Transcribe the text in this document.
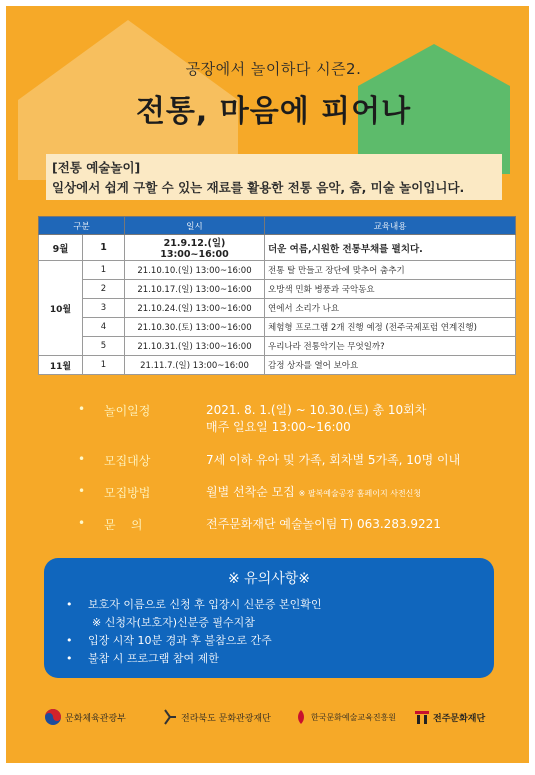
공장에서 놀이하다 시즌2.
전통, 마음에 피어나
[전통 예술놀이]
일상에서 쉽게 구할 수 있는 재료를 활용한 전통 음악, 춤, 미술 놀이입니다.
구분		일시	교육내용
9월	1	21.9.12.(일) 13:00~16:00	더운 여름,시원한 전통부채를 펼치다.
10월	1	21.10.10.(일) 13:00~16:00	전통 탈 만들고 장단에 맞추어 춤추기
	2	21.10.17.(일) 13:00~16:00	오방색 민화 병풍과 국악동요
	3	21.10.24.(일) 13:00~16:00	연에서 소리가 나요
	4	21.10.30.(토) 13:00~16:00	체험형 프로그램 2개 진행 예정 (전주국제포럼 연계진행)
	5	21.10.31.(일) 13:00~16:00	우리나라 전통악기는 무엇일까?
11월	1	21.11.7.(일) 13:00~16:00	감정 상자를 열어 보아요
• 놀이일정	2021. 8. 1.(일) ~ 10.30.(토) 총 10회차
매주 일요일 13:00~16:00
• 모집대상	7세 이하 유아 및 가족, 회차별 5가족, 10명 이내
• 모집방법	월별 선착순 모집 ※ 팔복예술공장 홈페이지 사전신청
• 문    의	전주문화재단 예술놀이팀 T) 063.283.9221
※ 유의사항※
• 보호자 이름으로 신청 후 입장시 신분증 본인확인
※ 신청자(보호자)신분증 필수지참
• 입장 시작 10분 경과 후 불참으로 간주
• 불참 시 프로그램 참여 제한
문화체육관광부	전라북도 문화관광재단	한국문화예술교육진흥원	전주문화재단
